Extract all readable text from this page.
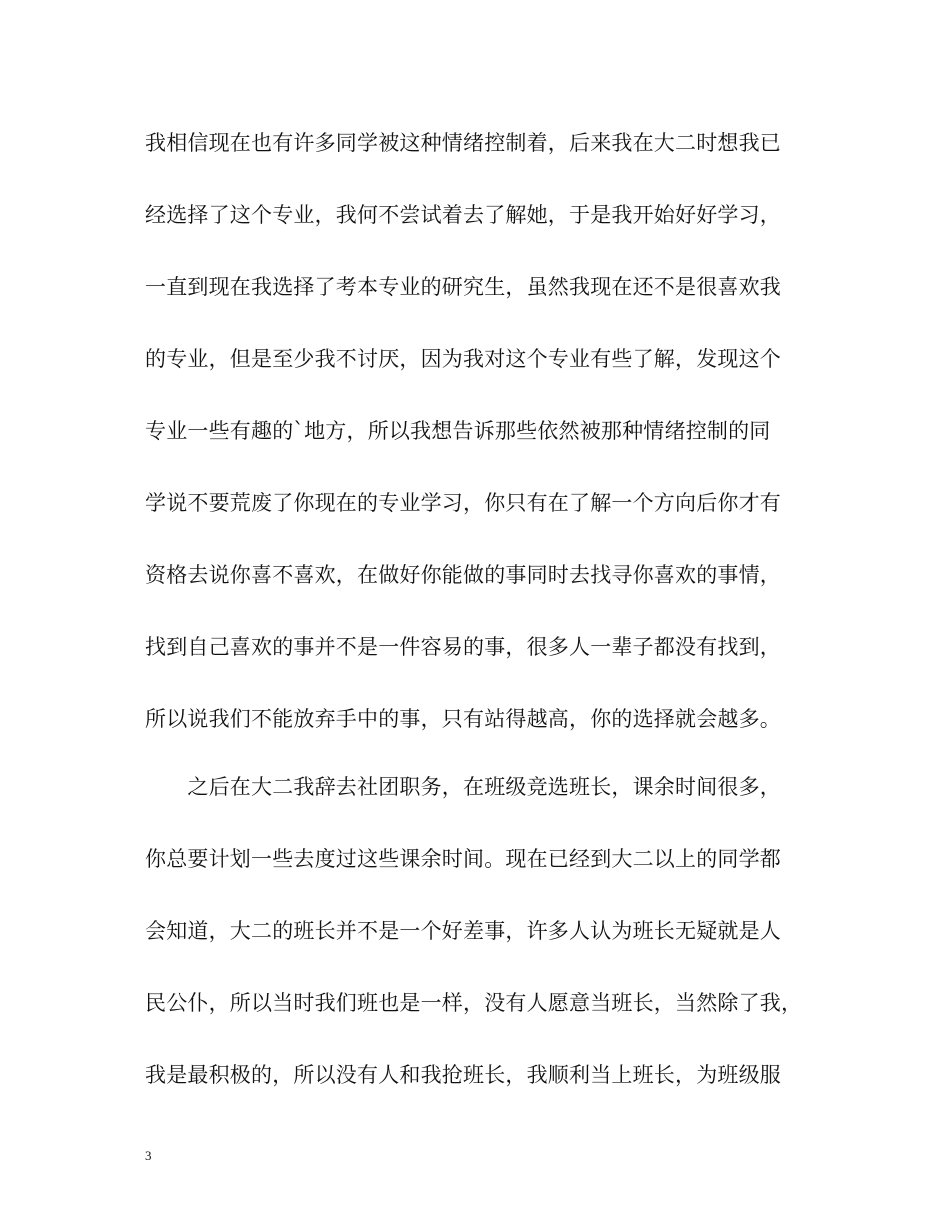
我相信现在也有许多同学被这种情绪控制着，后来我在大二时想我已
经选择了这个专业，我何不尝试着去了解她，于是我开始好好学习，
一直到现在我选择了考本专业的研究生，虽然我现在还不是很喜欢我
的专业，但是至少我不讨厌，因为我对这个专业有些了解，发现这个
专业一些有趣的`地方，所以我想告诉那些依然被那种情绪控制的同
学说不要荒废了你现在的专业学习，你只有在了解一个方向后你才有
资格去说你喜不喜欢，在做好你能做的事同时去找寻你喜欢的事情，
找到自己喜欢的事并不是一件容易的事，很多人一辈子都没有找到，
所以说我们不能放弃手中的事，只有站得越高，你的选择就会越多。
　　之后在大二我辞去社团职务，在班级竞选班长，课余时间很多，
你总要计划一些去度过这些课余时间。现在已经到大二以上的同学都
会知道，大二的班长并不是一个好差事，许多人认为班长无疑就是人
民公仆，所以当时我们班也是一样，没有人愿意当班长，当然除了我，
我是最积极的，所以没有人和我抢班长，我顺利当上班长，为班级服
3
